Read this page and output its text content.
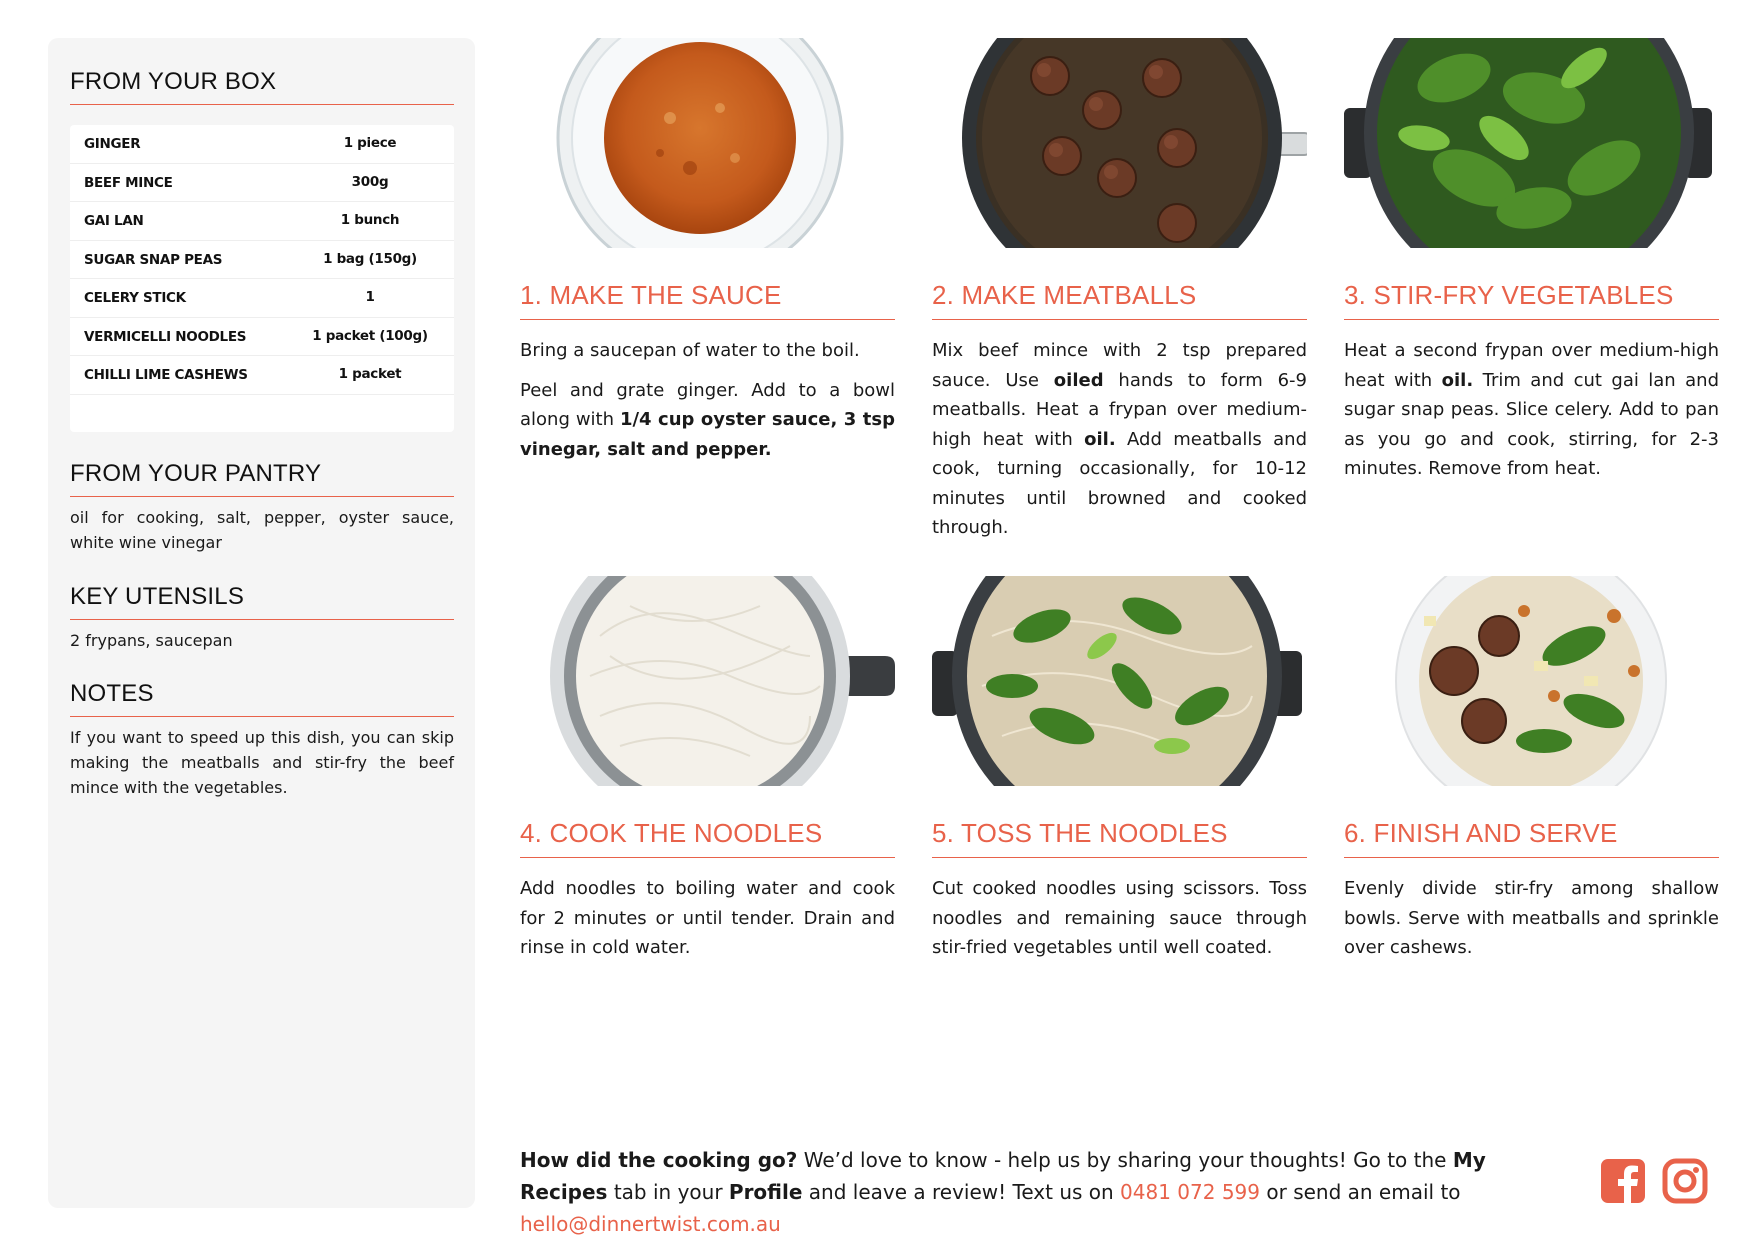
FROM YOUR BOX
GINGER	1 piece
BEEF MINCE	300g
GAI LAN	1 bunch
SUGAR SNAP PEAS	1 bag (150g)
CELERY STICK	1
VERMICELLI NOODLES	1 packet (100g)
CHILLI LIME CASHEWS	1 packet
FROM YOUR PANTRY
oil for cooking, salt, pepper, oyster sauce, white wine vinegar
KEY UTENSILS
2 frypans, saucepan
NOTES
If you want to speed up this dish, you can skip making the meatballs and stir-fry the beef mince with the vegetables.
1. MAKE THE SAUCE

Bring a saucepan of water to the boil.

Peel and grate ginger. Add to a bowl along with 1/4 cup oyster sauce, 3 tsp vinegar, salt and pepper.

2. MAKE MEATBALLS

Mix beef mince with 2 tsp prepared sauce. Use oiled hands to form 6-9 meatballs. Heat a frypan over medium-high heat with oil. Add meatballs and cook, turning occasionally, for 10-12 minutes until browned and cooked through.

3. STIR-FRY VEGETABLES

Heat a second frypan over medium-high heat with oil. Trim and cut gai lan and sugar snap peas. Slice celery. Add to pan as you go and cook, stirring, for 2-3 minutes. Remove from heat.

4. COOK THE NOODLES

Add noodles to boiling water and cook for 2 minutes or until tender. Drain and rinse in cold water.

5. TOSS THE NOODLES

Cut cooked noodles using scissors. Toss noodles and remaining sauce through stir-fried vegetables until well coated.

6. FINISH AND SERVE

Evenly divide stir-fry among shallow bowls. Serve with meatballs and sprinkle over cashews.

How did the cooking go? We’d love to know - help us by sharing your thoughts! Go to the My Recipes tab in your Profile and leave a review! Text us on 0481 072 599 or send an email to hello@dinnertwist.com.au
